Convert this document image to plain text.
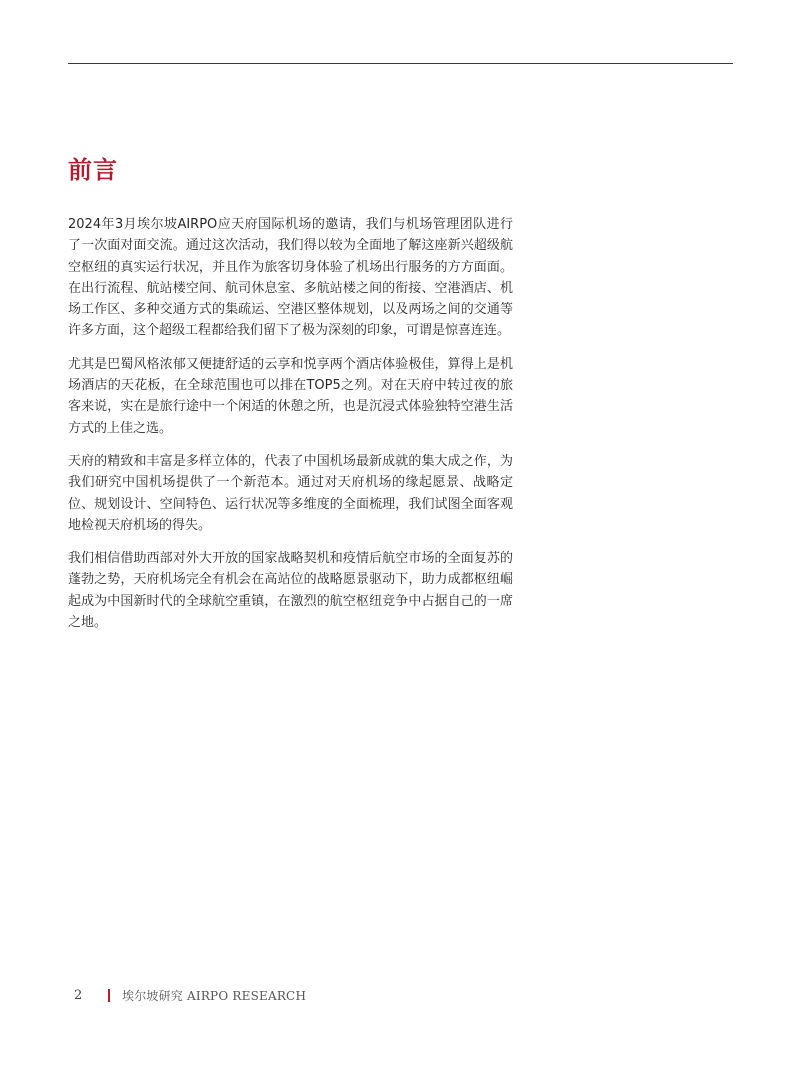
前言

2024年3月埃尔坡AIRPO应天府国际机场的邀请，我们与机场管理团队进行了一次面对面交流。通过这次活动，我们得以较为全面地了解这座新兴超级航空枢纽的真实运行状况，并且作为旅客切身体验了机场出行服务的方方面面。在出行流程、航站楼空间、航司休息室、多航站楼之间的衔接、空港酒店、机场工作区、多种交通方式的集疏运、空港区整体规划，以及两场之间的交通等许多方面，这个超级工程都给我们留下了极为深刻的印象，可谓是惊喜连连。

尤其是巴蜀风格浓郁又便捷舒适的云享和悦享两个酒店体验极佳，算得上是机场酒店的天花板，在全球范围也可以排在TOP5之列。对在天府中转过夜的旅客来说，实在是旅行途中一个闲适的休憩之所，也是沉浸式体验独特空港生活方式的上佳之选。

天府的精致和丰富是多样立体的，代表了中国机场最新成就的集大成之作，为我们研究中国机场提供了一个新范本。通过对天府机场的缘起愿景、战略定位、规划设计、空间特色、运行状况等多维度的全面梳理，我们试图全面客观地检视天府机场的得失。

我们相信借助西部对外大开放的国家战略契机和疫情后航空市场的全面复苏的蓬勃之势，天府机场完全有机会在高站位的战略愿景驱动下，助力成都枢纽崛起成为中国新时代的全球航空重镇，在激烈的航空枢纽竞争中占据自己的一席之地。

2	埃尔坡研究 AIRPO RESEARCH
